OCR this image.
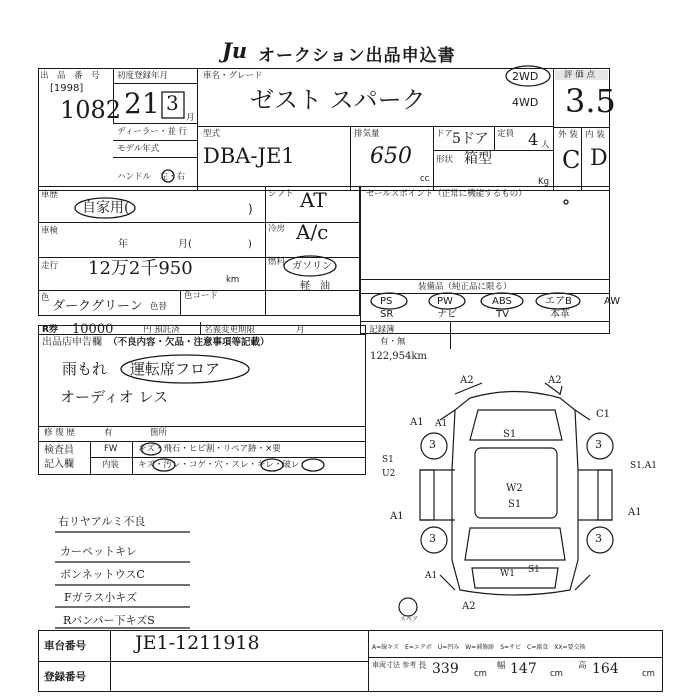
Ju オークション出品申込書
出　品　番　号
[1998]
1082
初度登録年月
21 3
月
ディーラー・並 行
モデル年式
ハンドル　左・右
車名・グレード
ゼスト スパーク
2WD
4WD
評 価 点
3.5
外 装 内 装
C D
型式
DBA-JE1
排気量
650
cc
ドア 5ドア 定員 4 人
形状 箱型
Kg
車歴
自家用(	)
車検
年	月(	)
走行 12万2千950
km
色
ダークグリーン 色替
色コード
シフト AT
冷房 A/c
燃料 ガソリン
軽　油
セールスポイント（正常に機能するもの）
装備品（純正品に限る）
PS	PW	ABS	エアB	AW
SR	ナビ	TV	本革
記録簿
有・無
122,954km
R券 10000	円 預託済	名義変更期限	月
出品店申告欄 （不良内容・欠品・注意事項等記載）
雨もれ 運転席フロア
オーディオ レス
修 復 歴	有	箇所
検査員
記入欄
FW キズ・飛石・ヒビ割・リペア跡・×要
内装 キズ・汚レ・コゲ・穴・スレ・キレ・破レ
右リヤアルミ不良
カーペットキレ
ボンネットウスC
Fガラス小キズ
Rバンパー下キズS
車台番号	JE1-1211918
登録番号
A=線キズ　E=エクボ　U=凹み　W=補修跡　S=サビ　C=腐食　XX=要交換
車両寸法 参考 長 339 cm
幅 147 cm
高 164	cm
A2	A2
A1 A1
S1
S1
U2
C1
S1.A1
W2
S1
A1	A1
W1 S1
A2
A1
3	3
3	3
スペア
